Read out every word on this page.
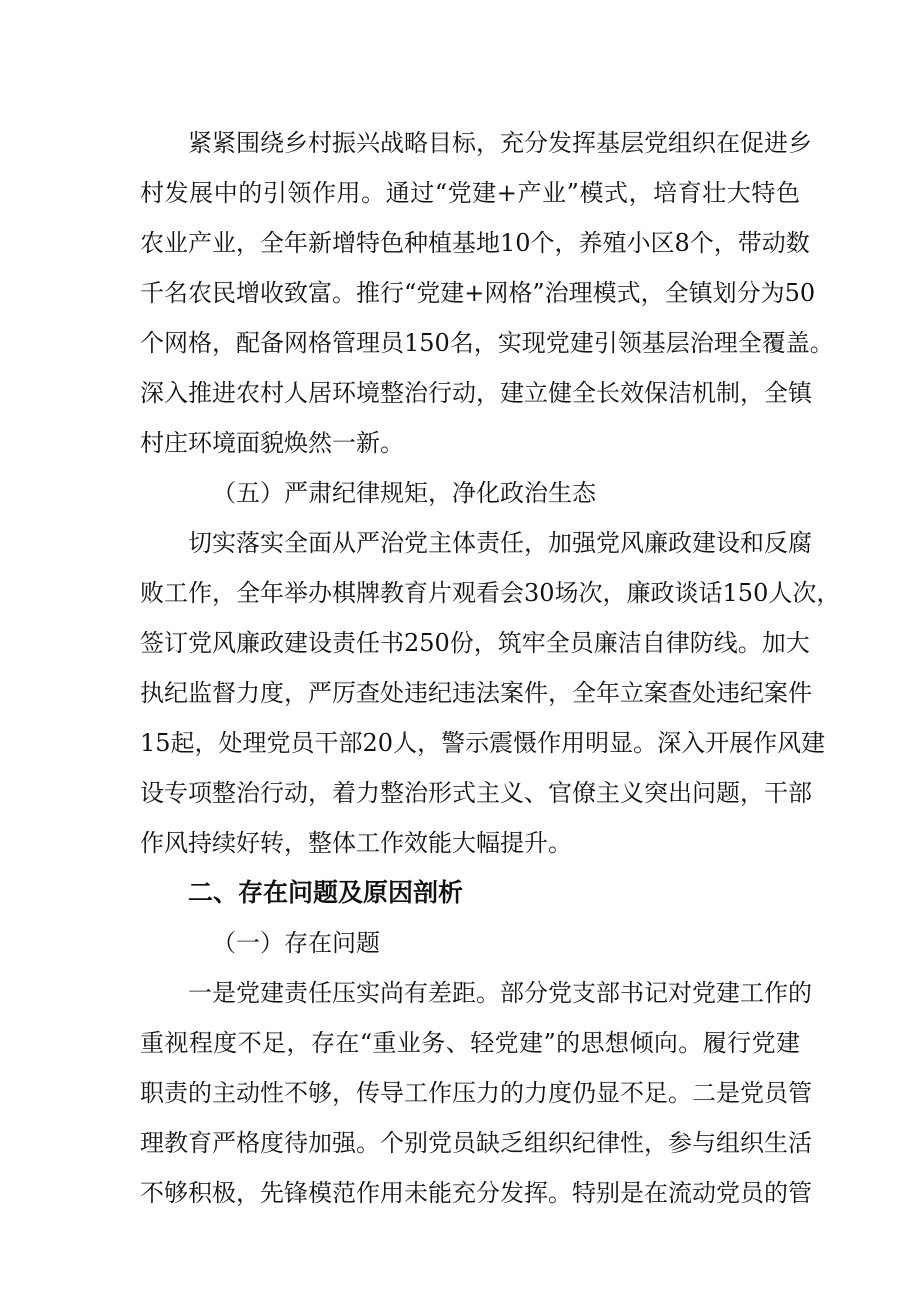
紧紧围绕乡村振兴战略目标，充分发挥基层党组织在促进乡
村发展中的引领作用。通过“党建+产业”模式，培育壮大特色
农业产业，全年新增特色种植基地10个，养殖小区8个，带动数
千名农民增收致富。推行“党建+网格”治理模式，全镇划分为50
个网格，配备网格管理员150名，实现党建引领基层治理全覆盖。
深入推进农村人居环境整治行动，建立健全长效保洁机制，全镇
村庄环境面貌焕然一新。
（五）严肃纪律规矩，净化政治生态
切实落实全面从严治党主体责任，加强党风廉政建设和反腐
败工作，全年举办棋牌教育片观看会30场次，廉政谈话150人次，
签订党风廉政建设责任书250份，筑牢全员廉洁自律防线。加大
执纪监督力度，严厉查处违纪违法案件，全年立案查处违纪案件
15起，处理党员干部20人，警示震慑作用明显。深入开展作风建
设专项整治行动，着力整治形式主义、官僚主义突出问题，干部
作风持续好转，整体工作效能大幅提升。
二、存在问题及原因剖析
（一）存在问题
一是党建责任压实尚有差距。部分党支部书记对党建工作的
重视程度不足，存在“重业务、轻党建”的思想倾向。履行党建
职责的主动性不够，传导工作压力的力度仍显不足。二是党员管
理教育严格度待加强。个别党员缺乏组织纪律性，参与组织生活
不够积极，先锋模范作用未能充分发挥。特别是在流动党员的管
